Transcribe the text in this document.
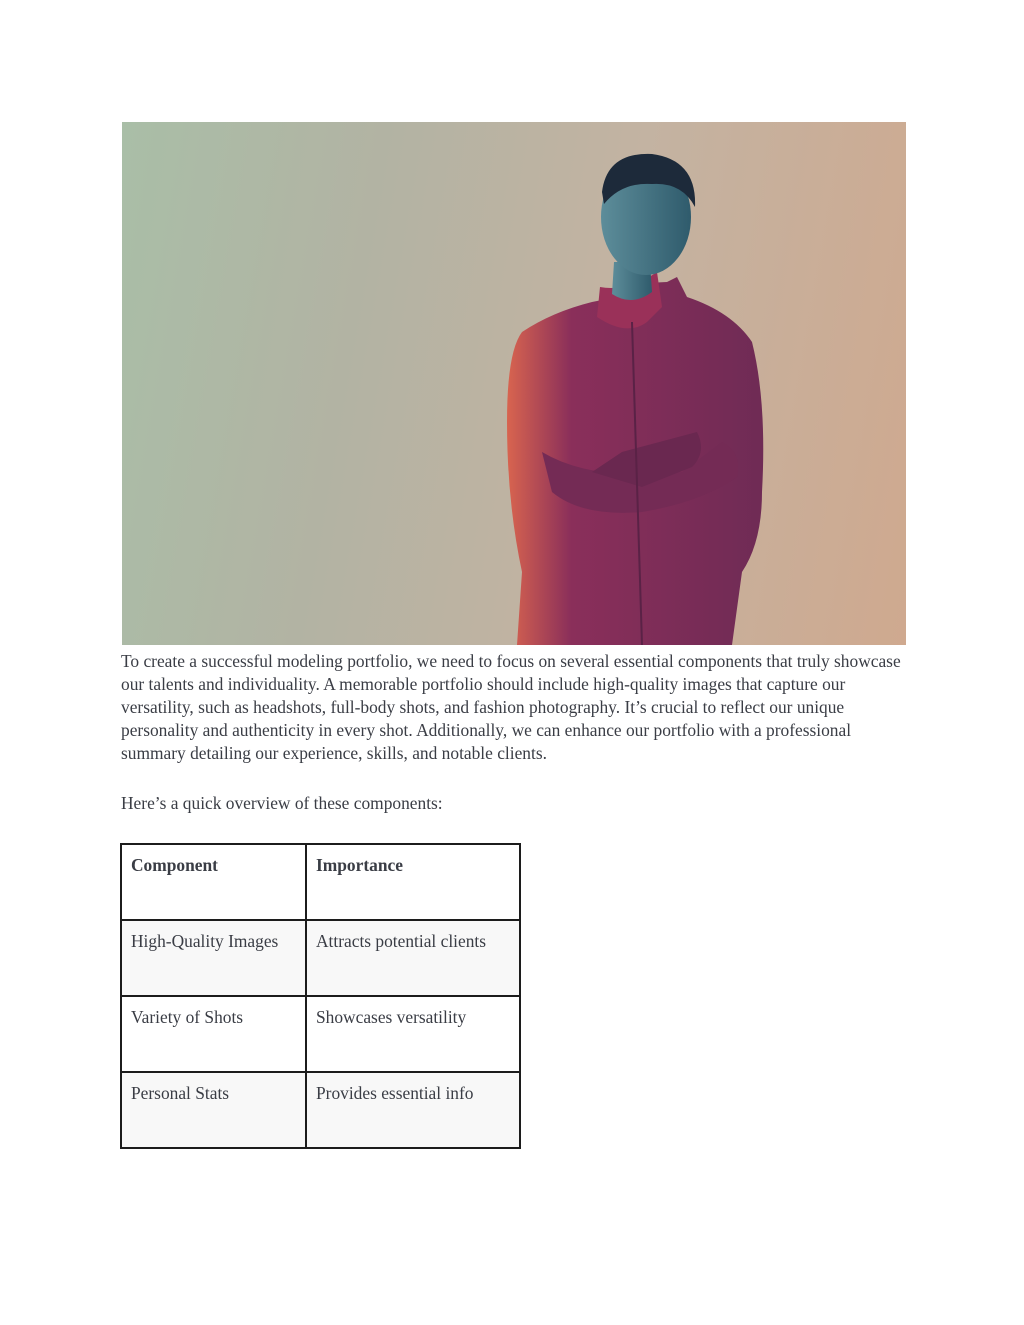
To create a successful modeling portfolio, we need to focus on several essential components that truly showcase our talents and individuality. A memorable portfolio should include high-quality images that capture our versatility, such as headshots, full-body shots, and fashion photography. It’s crucial to reflect our unique personality and authenticity in every shot. Additionally, we can enhance our portfolio with a professional summary detailing our experience, skills, and notable clients.

Here’s a quick overview of these components:

Component	Importance
High-Quality Images	Attracts potential clients
Variety of Shots	Showcases versatility
Personal Stats	Provides essential info
